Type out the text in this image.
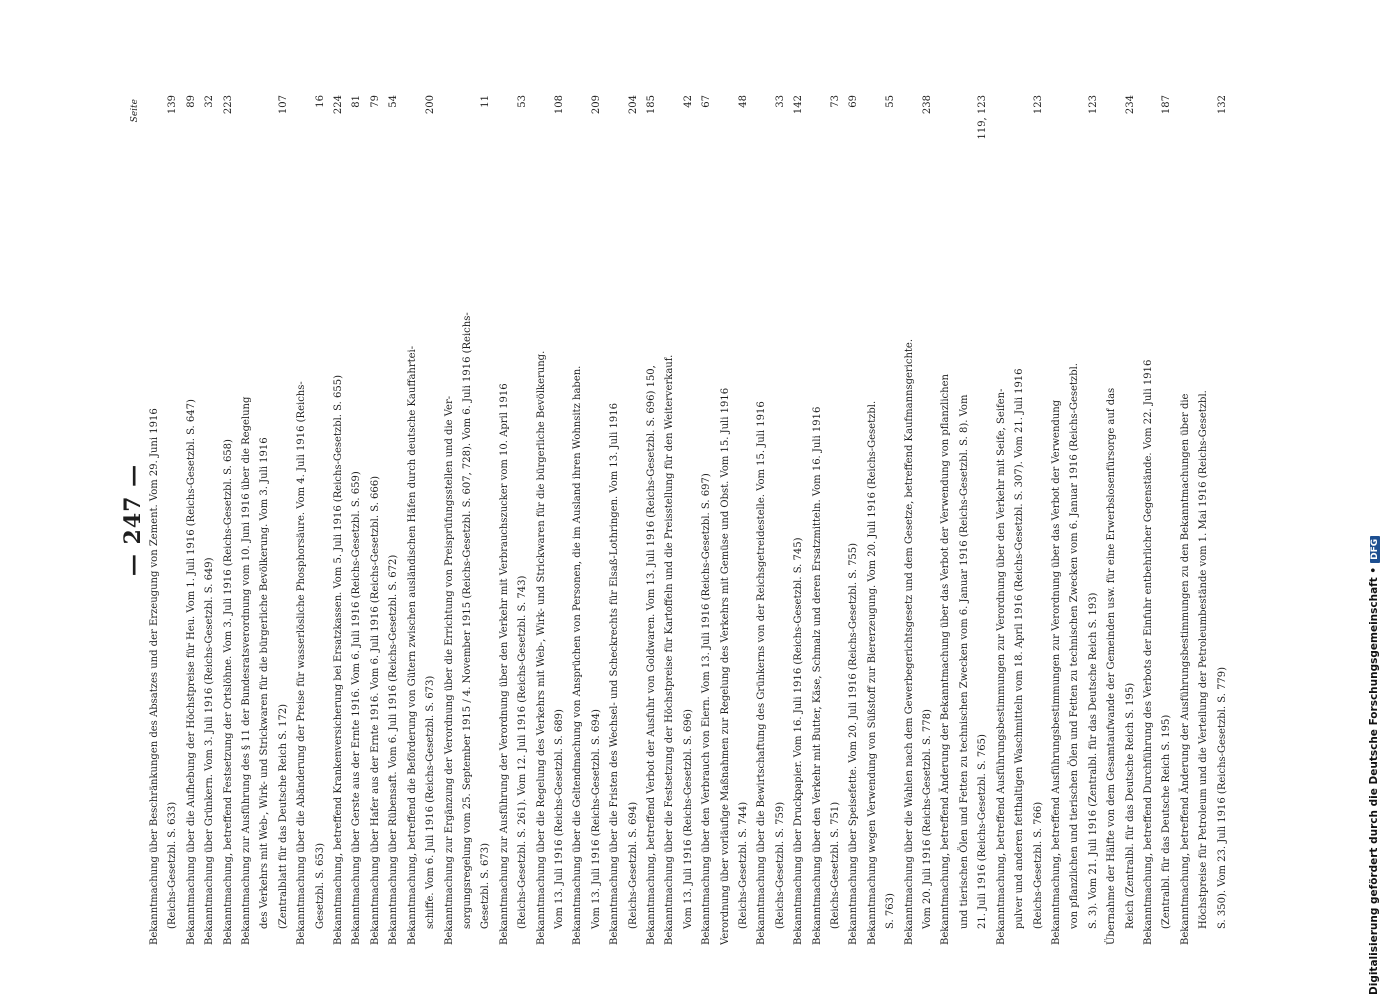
— 247 —
Seite
Bekanntmachung über Beschränkungen des Absatzes und der Erzeugung von Zement. Vom 29. Juni 1916 (Reichs-Gesetzbl. S. 633)
139
Bekanntmachung über die Aufhebung der Höchstpreise für Heu. Vom 1. Juli 1916 (Reichs-Gesetzbl. S. 647)
89
Bekanntmachung über Grünkern. Vom 3. Juli 1916 (Reichs-Gesetzbl. S. 649)
32
Bekanntmachung, betreffend Festsetzung der Ortslöhne. Vom 3. Juli 1916 (Reichs-Gesetzbl. S. 658)
223
Bekanntmachung zur Ausführung des § 11 der Bundesratsverordnung vom 10. Juni 1916 über die Regelung des Verkehrs mit Web-, Wirk- und Strickwaren für die bürgerliche Bevölkerung. Vom 3. Juli 1916 (Zentralblatt für das Deutsche Reich S. 172)
107
Bekanntmachung über die Abänderung der Preise für wasserlösliche Phosphorsäure. Vom 4. Juli 1916 (Reichs- Gesetzbl. S. 653)
16
Bekanntmachung, betreffend Krankenversicherung bei Ersatzkassen. Vom 5. Juli 1916 (Reichs-Gesetzbl. S. 655)
224
Bekanntmachung über Gerste aus der Ernte 1916. Vom 6. Juli 1916 (Reichs-Gesetzbl. S. 659)
81
Bekanntmachung über Hafer aus der Ernte 1916. Vom 6. Juli 1916 (Reichs-Gesetzbl. S. 666)
79
Bekanntmachung über Rübensaft. Vom 6. Juli 1916 (Reichs-Gesetzbl. S. 672)
54
Bekanntmachung, betreffend die Beförderung von Gütern zwischen ausländischen Häfen durch deutsche Kauffahrtei- schiffe. Vom 6. Juli 1916 (Reichs-Gesetzbl. S. 673)
200
Bekanntmachung zur Ergänzung der Verordnung über die Errichtung von Preisprüfungsstellen und die Ver- sorgungsregelung vom 25. September 1915 / 4. November 1915 (Reichs-Gesetzbl. S. 607, 728). Vom 6. Juli 1916 (Reichs- Gesetzbl. S. 673)
11
Bekanntmachung zur Ausführung der Verordnung über den Verkehr mit Verbrauchszucker vom 10. April 1916 (Reichs-Gesetzbl. S. 261). Vom 12. Juli 1916 (Reichs-Gesetzbl. S. 743)
53
Bekanntmachung über die Regelung des Verkehrs mit Web-, Wirk- und Strickwaren für die bürgerliche Bevölkerung. Vom 13. Juli 1916 (Reichs-Gesetzbl. S. 689)
108
Bekanntmachung über die Geltendmachung von Ansprüchen von Personen, die im Ausland ihren Wohnsitz haben. Vom 13. Juli 1916 (Reichs-Gesetzbl. S. 694)
209
Bekanntmachung über die Fristen des Wechsel- und Scheckrechts für Elsaß-Lothringen. Vom 13. Juli 1916 (Reichs-Gesetzbl. S. 694)
204
Bekanntmachung, betreffend Verbot der Ausfuhr von Goldwaren. Vom 13. Juli 1916 (Reichs-Gesetzbl. S. 696) 150,
185
Bekanntmachung über die Festsetzung der Höchstpreise für Kartoffeln und die Preisstellung für den Weiterverkauf. Vom 13. Juli 1916 (Reichs-Gesetzbl. S. 696)
42
Bekanntmachung über den Verbrauch von Eiern. Vom 13. Juli 1916 (Reichs-Gesetzbl. S. 697)
67
Verordnung über vorläufige Maßnahmen zur Regelung des Verkehrs mit Gemüse und Obst. Vom 15. Juli 1916 (Reichs-Gesetzbl. S. 744)
48
Bekanntmachung über die Bewirtschaftung des Grünkerns von der Reichsgetreidestelle. Vom 15. Juli 1916 (Reichs-Gesetzbl. S. 759)
33
Bekanntmachung über Druckpapier. Vom 16. Juli 1916 (Reichs-Gesetzbl. S. 745)
142
Bekanntmachung über den Verkehr mit Butter, Käse, Schmalz und deren Ersatzmitteln. Vom 16. Juli 1916 (Reichs-Gesetzbl. S. 751)
73
Bekanntmachung über Speisefette. Vom 20. Juli 1916 (Reichs-Gesetzbl. S. 755)
69
Bekanntmachung wegen Verwendung von Süßstoff zur Biererzeugung. Vom 20. Juli 1916 (Reichs-Gesetzbl. S. 763)
55
Bekanntmachung über die Wahlen nach dem Gewerbegerichtsgesetz und dem Gesetze, betreffend Kaufmannsgerichte. Vom 20. Juli 1916 (Reichs-Gesetzbl. S. 778)
238
Bekanntmachung, betreffend Änderung der Bekanntmachung über das Verbot der Verwendung von pflanzlichen und tierischen Ölen und Fetten zu technischen Zwecken vom 6. Januar 1916 (Reichs-Gesetzbl. S. 8). Vom 21. Juli 1916 (Reichs-Gesetzbl. S. 765)
119, 123
Bekanntmachung, betreffend Ausführungsbestimmungen zur Verordnung über den Verkehr mit Seife, Seifen- pulver und anderen fetthaltigen Waschmitteln vom 18. April 1916 (Reichs-Gesetzbl. S. 307). Vom 21. Juli 1916 (Reichs-Gesetzbl. S. 766)
123
Bekanntmachung, betreffend Ausführungsbestimmungen zur Verordnung über das Verbot der Verwendung von pflanzlichen und tierischen Ölen und Fetten zu technischen Zwecken vom 6. Januar 1916 (Reichs-Gesetzbl. S. 3). Vom 21. Juli 1916 (Zentralbl. für das Deutsche Reich S. 193)
123
Übernahme der Hälfte von dem Gesamtaufwande der Gemeinden usw. für eine Erwerbslosenfürsorge auf das Reich (Zentralbl. für das Deutsche Reich S. 195)
234
Bekanntmachung, betreffend Durchführung des Verbots der Einfuhr entbehrlicher Gegenstände. Vom 22. Juli 1916 (Zentralbl. für das Deutsche Reich S. 195)
187
Bekanntmachung, betreffend Änderung der Ausführungsbestimmungen zu den Bekanntmachungen über die Höchstpreise für Petroleum und die Verteilung der Petroleumbestände vom 1. Mai 1916 (Reichs-Gesetzbl. S. 350). Vom 23. Juli 1916 (Reichs-Gesetzbl. S. 779)
132
Digitalisierung gefördert durch die Deutsche Forschungsgemeinschaft •DFG
